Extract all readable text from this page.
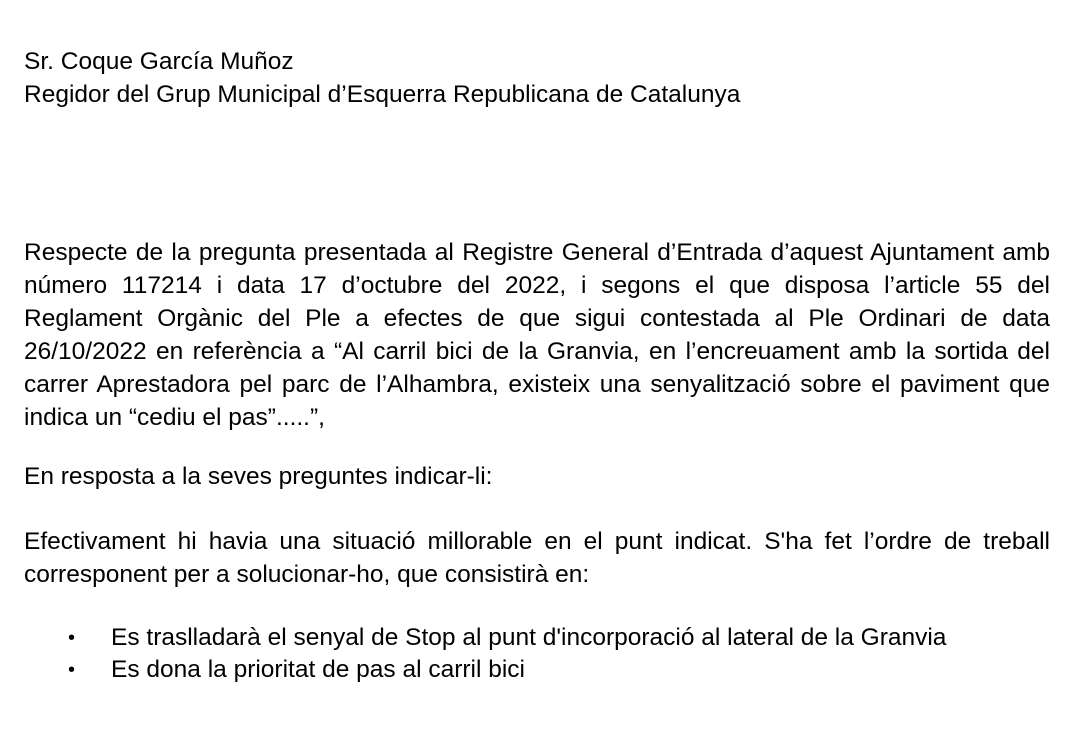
Sr. Coque García Muñoz
Regidor del Grup Municipal d’Esquerra Republicana de Catalunya
Respecte de la pregunta presentada al Registre General d’Entrada d’aquest Ajuntament amb número 117214 i data 17 d’octubre del 2022, i segons el que disposa l’article 55 del Reglament Orgànic del Ple a efectes de que sigui contestada al Ple Ordinari de data 26/10/2022 en referència a “Al carril bici de la Granvia, en l’encreuament amb la sortida del carrer Aprestadora pel parc de l’Alhambra, existeix una senyalització sobre el paviment que indica un “cediu el pas”.....”,
En resposta a la seves preguntes indicar-li:
Efectivament hi havia una situació millorable en el punt indicat. S'ha fet l’ordre de treball corresponent per a solucionar-ho, que consistirà en:
• Es traslladarà el senyal de Stop al punt d'incorporació al lateral de la Granvia
• Es dona la prioritat de pas al carril bici
